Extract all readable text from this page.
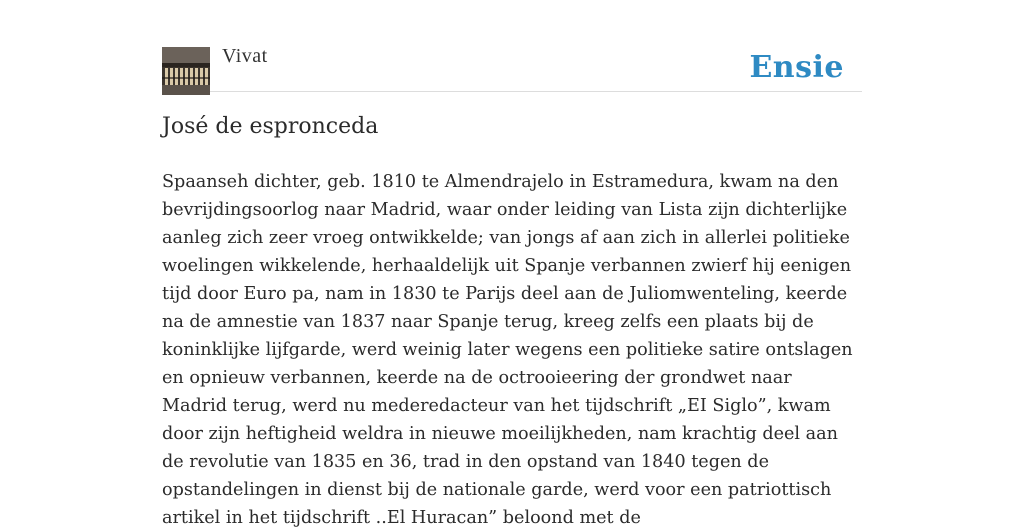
Vivat	Ensie
José de espronceda

Spaanseh dichter, geb. 1810 te Almendrajelo in Estramedura, kwam na den bevrijdingsoorlog naar Madrid, waar onder leiding van Lista zijn dichterlijke aanleg zich zeer vroeg ontwikkelde; van jongs af aan zich in allerlei politieke woelingen wikkelende, herhaaldelijk uit Spanje verbannen zwierf hij eenigen tijd door Euro pa, nam in 1830 te Parijs deel aan de Juliomwenteling, keerde na de amnestie van 1837 naar Spanje terug, kreeg zelfs een plaats bij de koninklijke lijfgarde, werd weinig later wegens een politieke satire ontslagen en opnieuw verbannen, keerde na de octrooieering der grondwet naar Madrid terug, werd nu mederedacteur van het tijdschrift „EI Siglo”, kwam door zijn heftigheid weldra in nieuwe moeilijkheden, nam krachtig deel aan de revolutie van 1835 en 36, trad in den opstand van 1840 tegen de opstandelingen in dienst bij de nationale garde, werd voor een patriottisch artikel in het tijdschrift ..El Huracan” beloond met de
